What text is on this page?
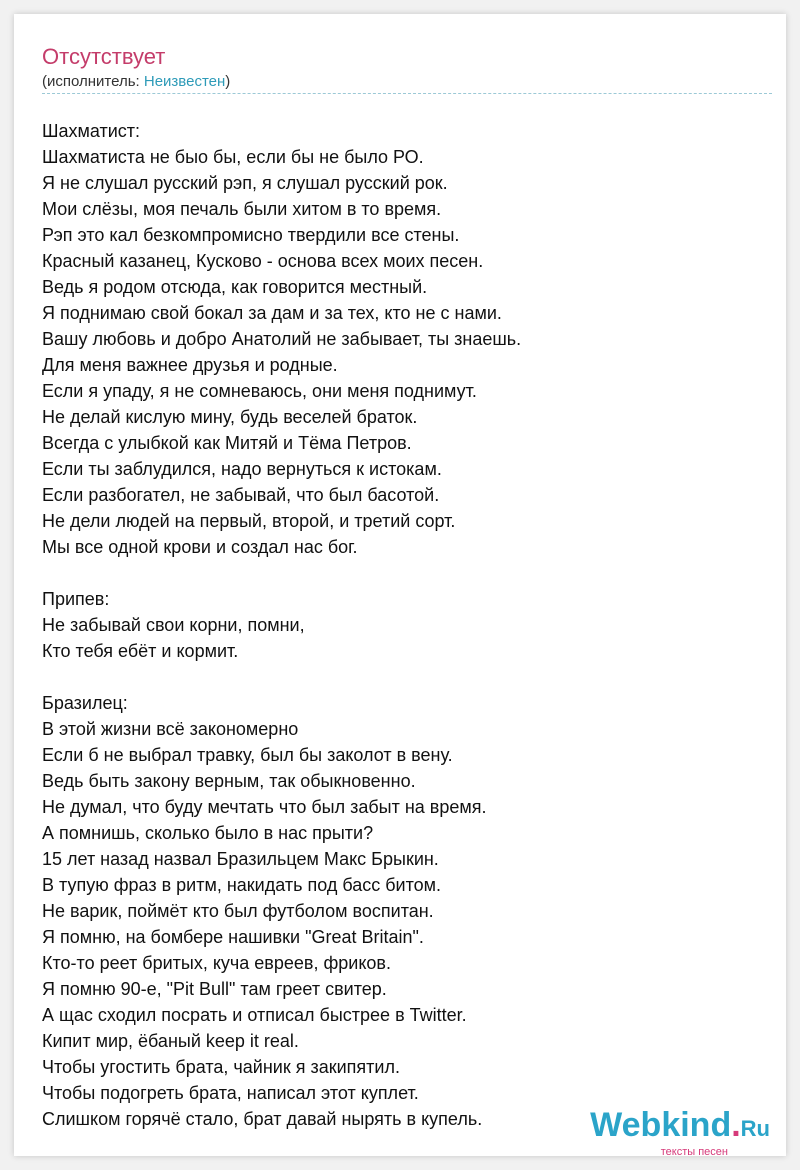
Отсутствует
(исполнитель: Неизвестен)
Шахматист:
Шахматиста не быо бы, если бы не было РО.
Я не слушал русский рэп, я слушал русский рок.
Мои слёзы, моя печаль были хитом в то время.
Рэп это кал безкомпромисно твердили все стены.
Красный казанец, Кусково - основа всех моих песен.
Ведь я родом отсюда, как говорится местный.
Я поднимаю свой бокал за дам и за тех, кто не с нами.
Вашу любовь и добро Анатолий не забывает, ты знаешь.
Для меня важнее друзья и родные.
Если я упаду, я не сомневаюсь, они меня поднимут.
Не делай кислую мину, будь веселей браток.
Всегда с улыбкой как Митяй и Тёма Петров.
Если ты заблудился, надо вернуться к истокам.
Если разбогател, не забывай, что был басотой.
Не дели людей на первый, второй, и третий сорт.
Мы все одной крови и создал нас бог.
Припев:
Не забывай свои корни, помни,
Кто тебя ебёт и кормит.
Бразилец:
В этой жизни всё закономерно
Если б не выбрал травку, был бы заколот в вену.
Ведь быть закону верным, так обыкновенно.
Не думал, что буду мечтать что был забыт на время.
А помнишь, сколько было в нас прыти?
15 лет назад назвал Бразильцем Макс Брыкин.
В тупую фраз в ритм, накидать под басс битом.
Не варик, поймёт кто был футболом воспитан.
Я помню, на бомбере нашивки "Great Britain".
Кто-то реет бритых, куча евреев, фриков.
Я помню 90-е, "Pit Bull" там греет свитер.
А щас сходил посрать и отписал быстрее в Twitter.
Кипит мир, ёбаный keep it real.
Чтобы угостить брата, чайник я закипятил.
Чтобы подогреть брата, написал этот куплет.
Слишком горячё стало, брат давай нырять в купель.	Webkind.Ru
тексты песен
